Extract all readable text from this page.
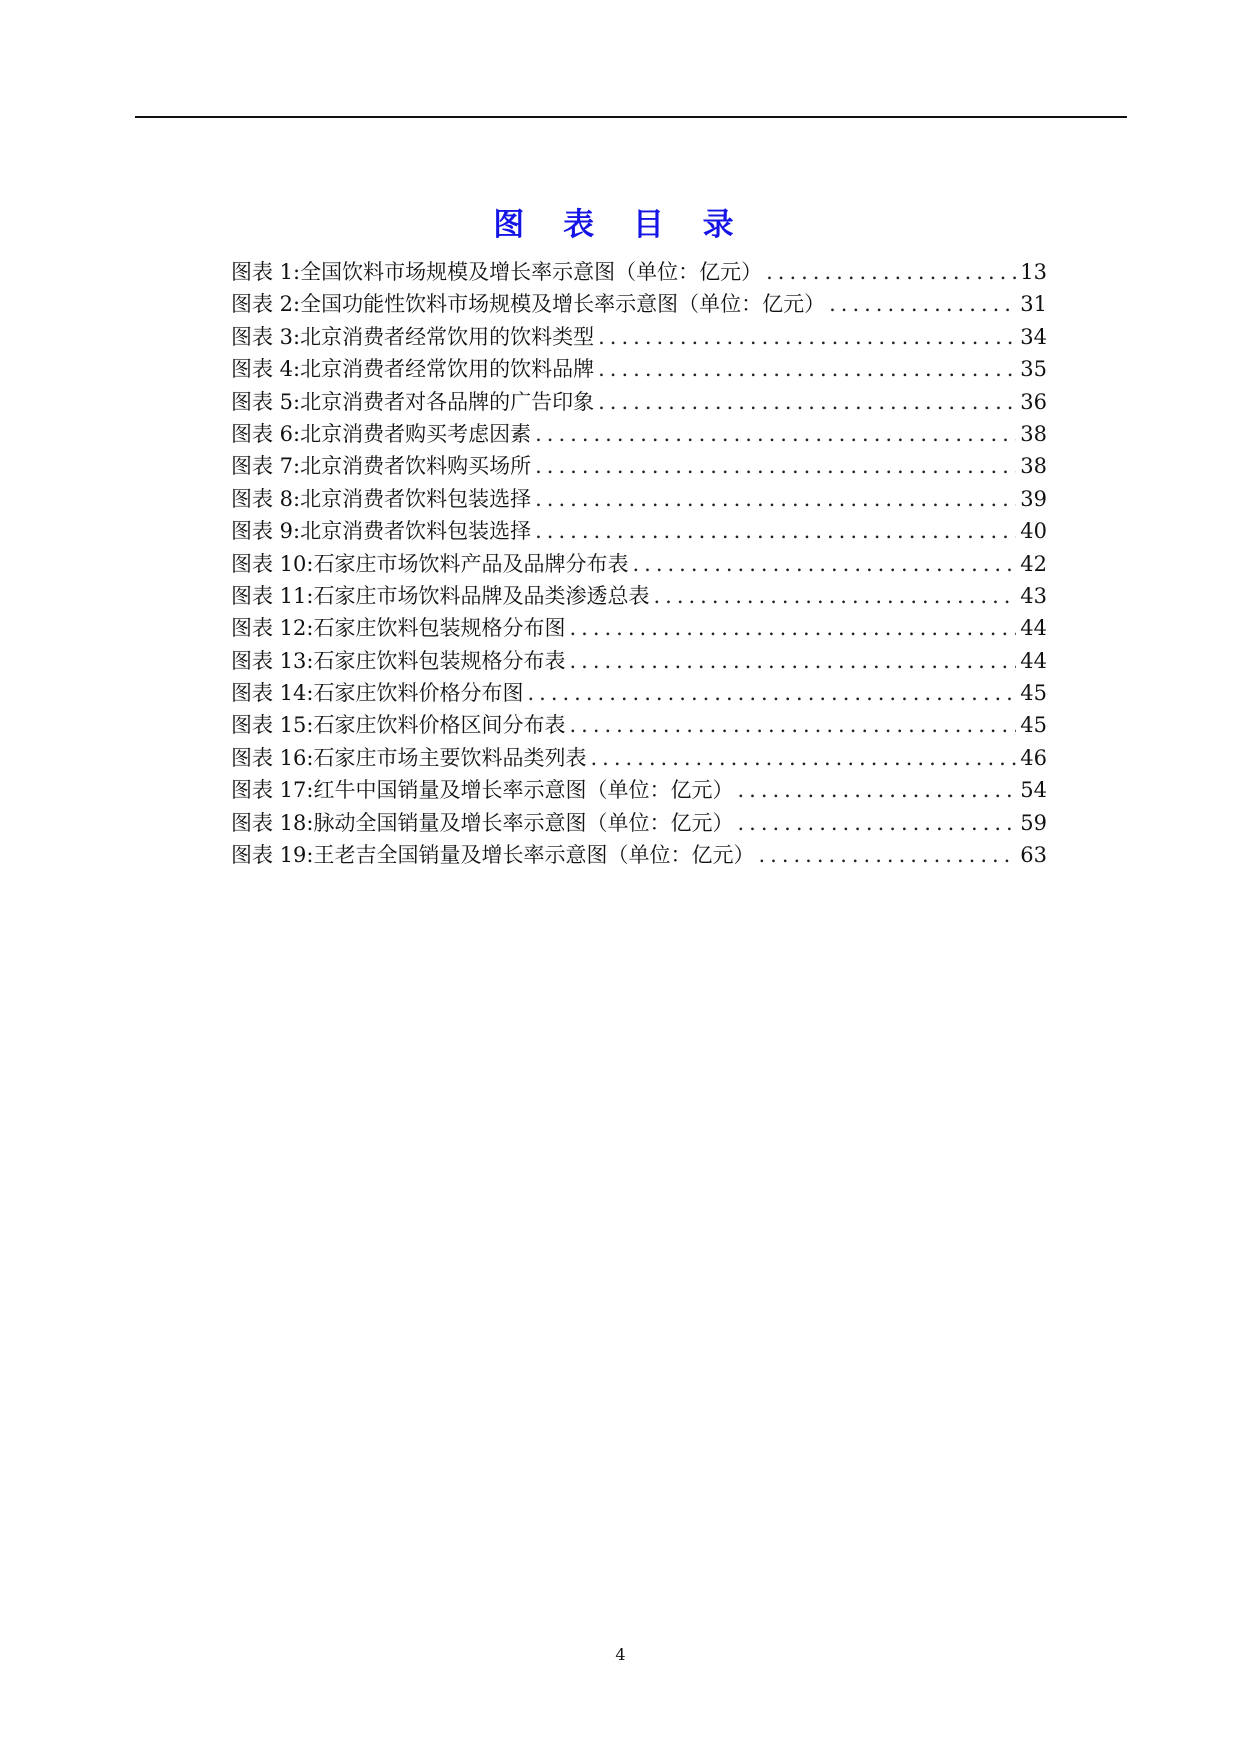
图 表 目 录
图表 1:全国饮料市场规模及增长率示意图（单位：亿元） .....	13
图表 2:全国功能性饮料市场规模及增长率示意图（单位：亿元） .....	31
图表 3:北京消费者经常饮用的饮料类型 .....	34
图表 4:北京消费者经常饮用的饮料品牌 .....	35
图表 5:北京消费者对各品牌的广告印象 .....	36
图表 6:北京消费者购买考虑因素 .....	38
图表 7:北京消费者饮料购买场所 .....	38
图表 8:北京消费者饮料包装选择 .....	39
图表 9:北京消费者饮料包装选择 .....	40
图表 10:石家庄市场饮料产品及品牌分布表 .....	42
图表 11:石家庄市场饮料品牌及品类渗透总表 .....	43
图表 12:石家庄饮料包装规格分布图 .....	44
图表 13:石家庄饮料包装规格分布表 .....	44
图表 14:石家庄饮料价格分布图 .....	45
图表 15:石家庄饮料价格区间分布表 .....	45
图表 16:石家庄市场主要饮料品类列表 .....	46
图表 17:红牛中国销量及增长率示意图（单位：亿元） .....	54
图表 18:脉动全国销量及增长率示意图（单位：亿元） .....	59
图表 19:王老吉全国销量及增长率示意图（单位：亿元） .....	63
4
